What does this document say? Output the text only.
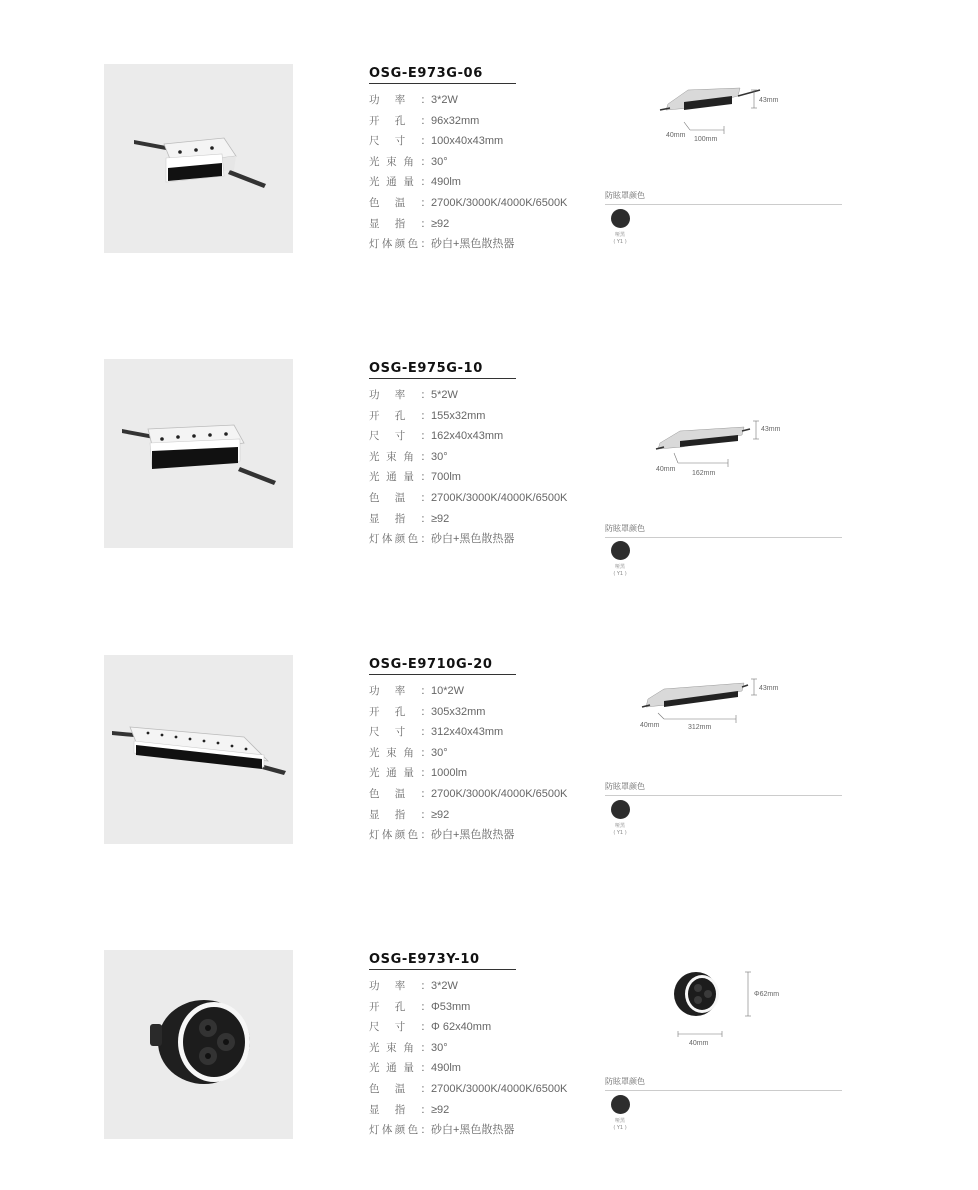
OSG-E973G-06
功 率 ： 3*2W
开 孔 ： 96x32mm
尺 寸 ： 100x40x43mm
光 束 角 ： 30°
光 通 量 ： 490lm
色 温 ： 2700K/3000K/4000K/6500K
显 指 ： ≥92
灯 体 颜 色 ： 砂白+黑色散热器
43mm
40mm
100mm
防眩罩颜色
哑黑
( Y1 )
OSG-E975G-10
功 率 ： 5*2W
开 孔 ： 155x32mm
尺 寸 ： 162x40x43mm
光 束 角 ： 30°
光 通 量 ： 700lm
色 温 ： 2700K/3000K/4000K/6500K
显 指 ： ≥92
灯 体 颜 色 ： 砂白+黑色散热器
43mm
40mm
162mm
防眩罩颜色
哑黑
( Y1 )
OSG-E9710G-20
功 率 ： 10*2W
开 孔 ： 305x32mm
尺 寸 ： 312x40x43mm
光 束 角 ： 30°
光 通 量 ： 1000lm
色 温 ： 2700K/3000K/4000K/6500K
显 指 ： ≥92
灯 体 颜 色 ： 砂白+黑色散热器
43mm
40mm	312mm
防眩罩颜色
哑黑
( Y1 )
OSG-E973Y-10
功 率 ： 3*2W
开 孔 ： Φ53mm
尺 寸 ： Φ 62x40mm
光 束 角 ： 30°
光 通 量 ： 490lm
色 温 ： 2700K/3000K/4000K/6500K
显 指 ： ≥92
灯 体 颜 色 ： 砂白+黑色散热器
Φ62mm
40mm
防眩罩颜色
哑黑
( Y1 )
